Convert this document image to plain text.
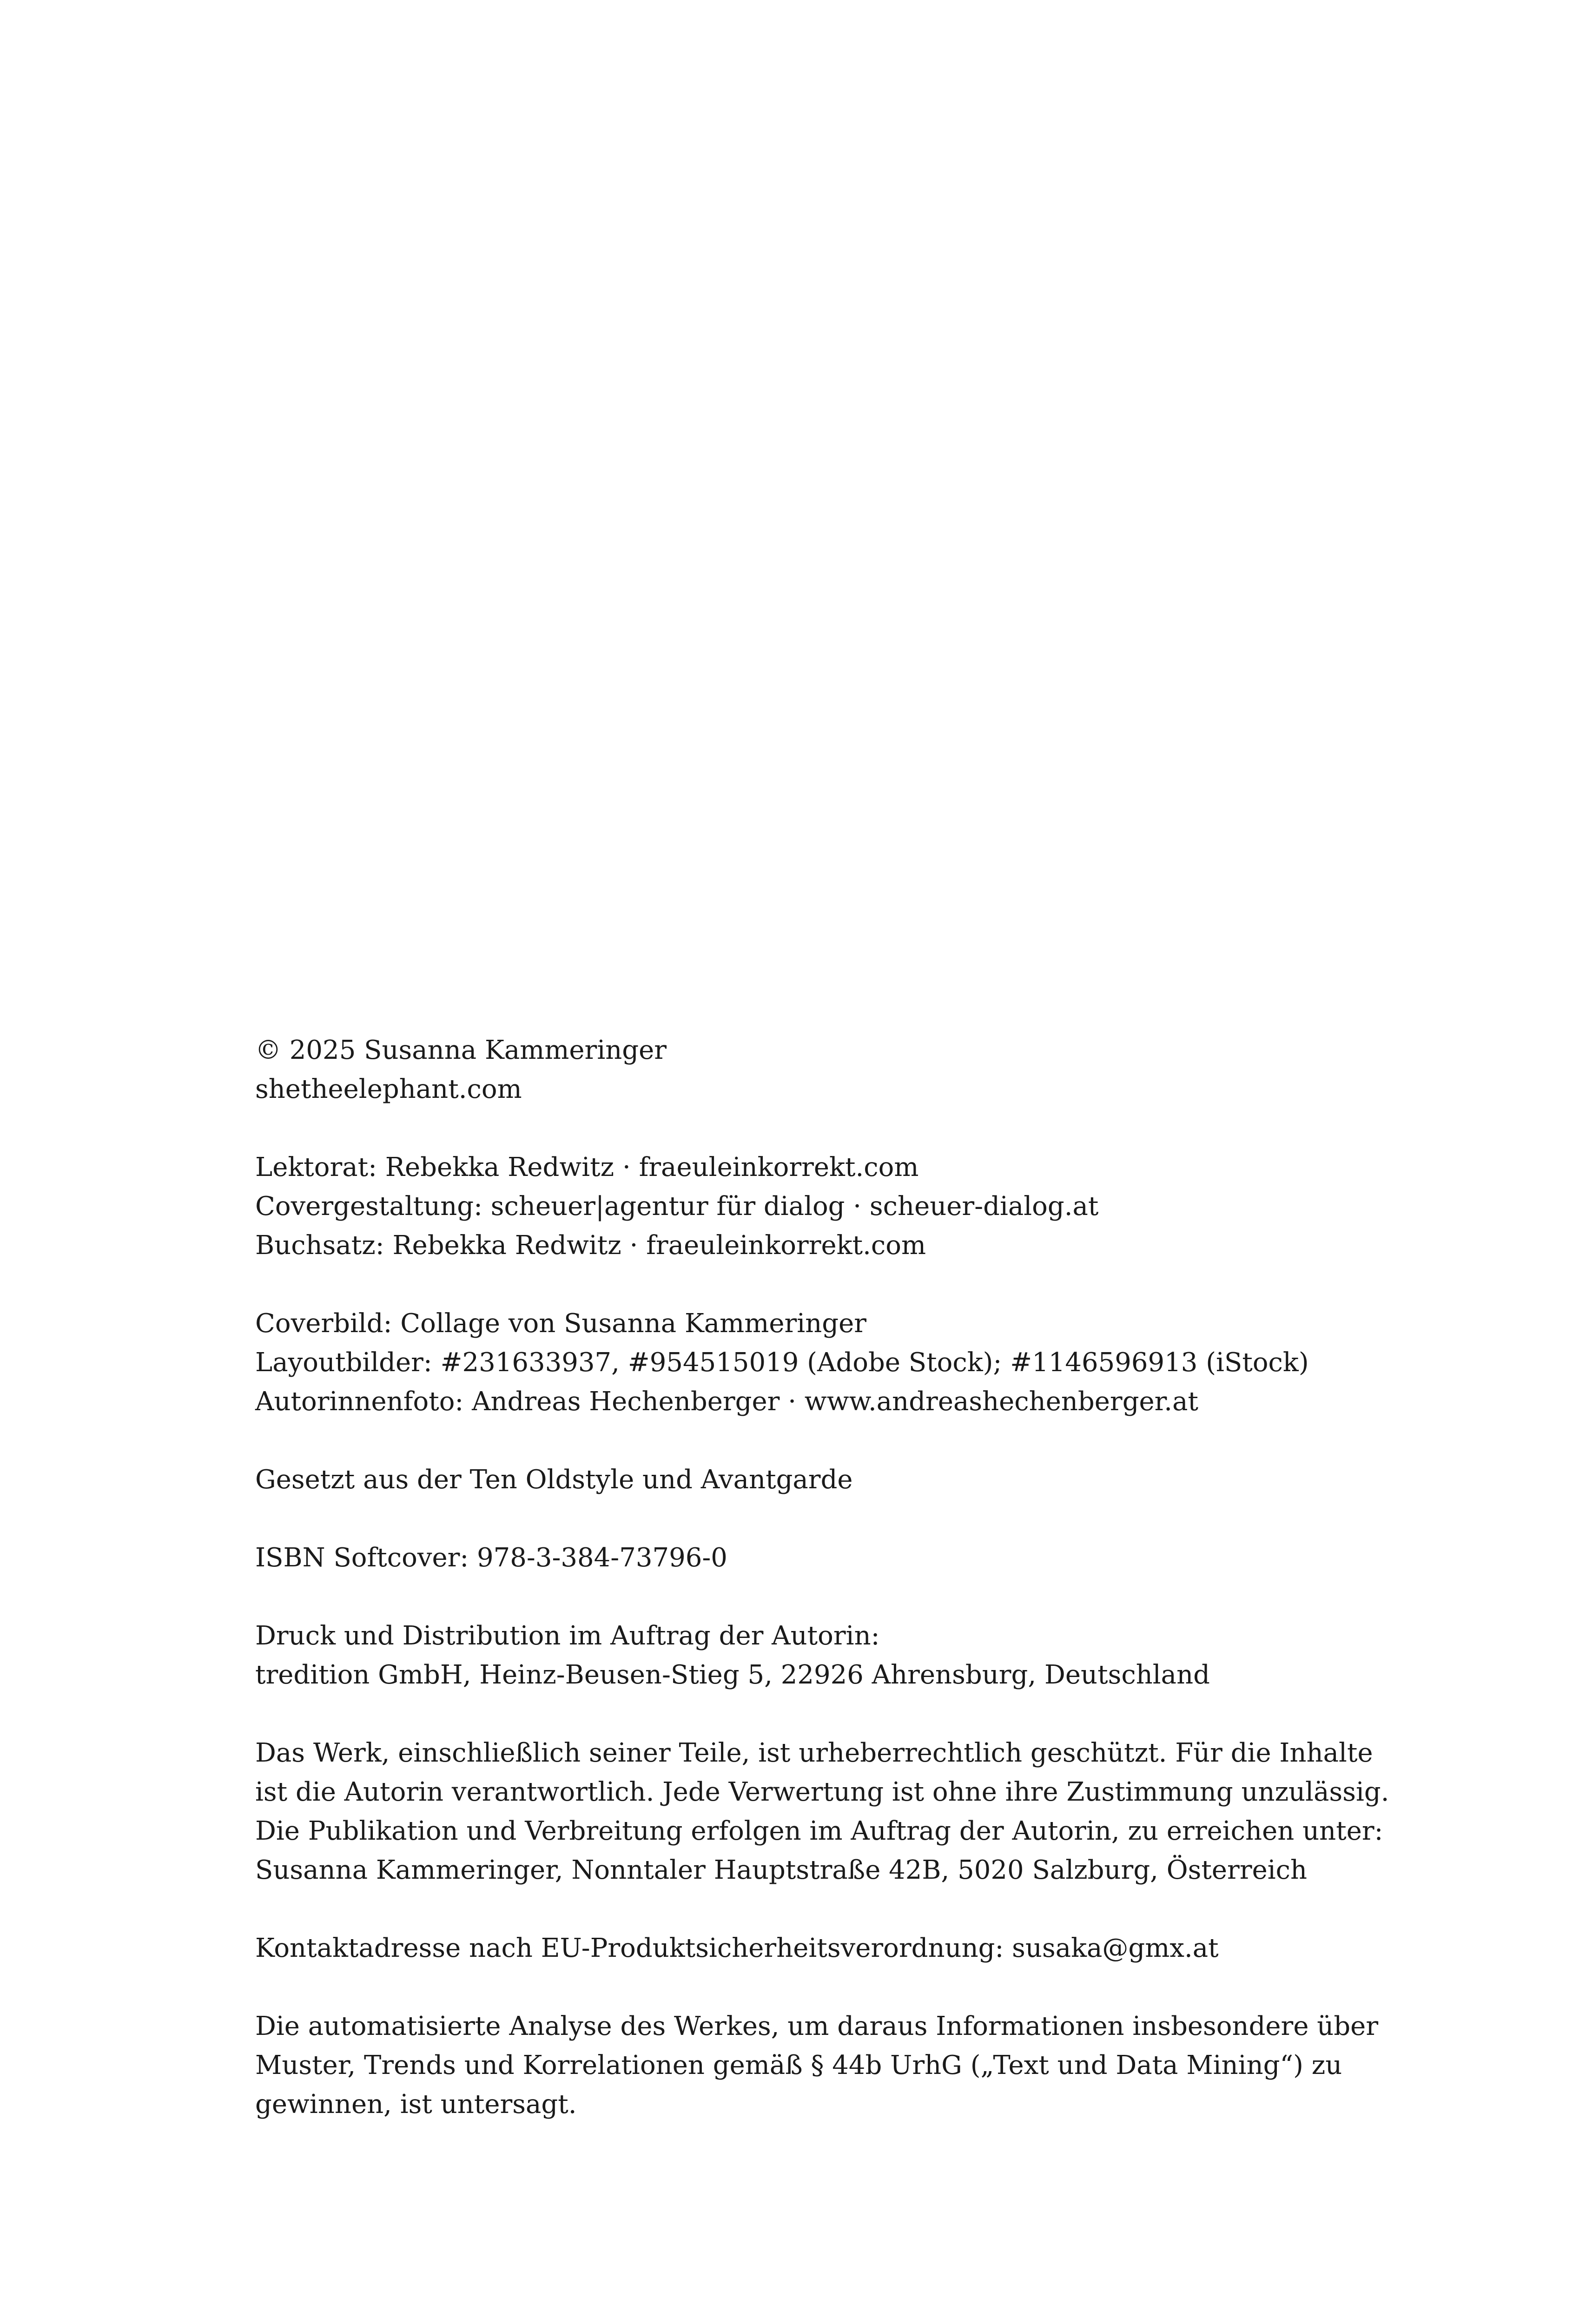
© 2025 Susanna Kammeringer
shetheelephant.com
Lektorat: Rebekka Redwitz · fraeuleinkorrekt.com
Covergestaltung: scheuer|agentur für dialog · scheuer-dialog.at
Buchsatz: Rebekka Redwitz · fraeuleinkorrekt.com
Coverbild: Collage von Susanna Kammeringer
Layoutbilder: #231633937, #954515019 (Adobe Stock); #1146596913 (iStock)
Autorinnenfoto: Andreas Hechenberger · www.andreashechenberger.at
Gesetzt aus der Ten Oldstyle und Avantgarde
ISBN Softcover: 978-3-384-73796-0
Druck und Distribution im Auftrag der Autorin:
tredition GmbH, Heinz-Beusen-Stieg 5, 22926 Ahrensburg, Deutschland
Das Werk, einschließlich seiner Teile, ist urheberrechtlich geschützt. Für die Inhalte
ist die Autorin verantwortlich. Jede Verwertung ist ohne ihre Zustimmung unzulässig.
Die Publikation und Verbreitung erfolgen im Auftrag der Autorin, zu erreichen unter:
Susanna Kammeringer, Nonntaler Hauptstraße 42B, 5020 Salzburg, Österreich
Kontaktadresse nach EU-Produktsicherheitsverordnung: susaka@gmx.at
Die automatisierte Analyse des Werkes, um daraus Informationen insbesondere über
Muster, Trends und Korrelationen gemäß § 44b UrhG („Text und Data Mining“) zu
gewinnen, ist untersagt.
